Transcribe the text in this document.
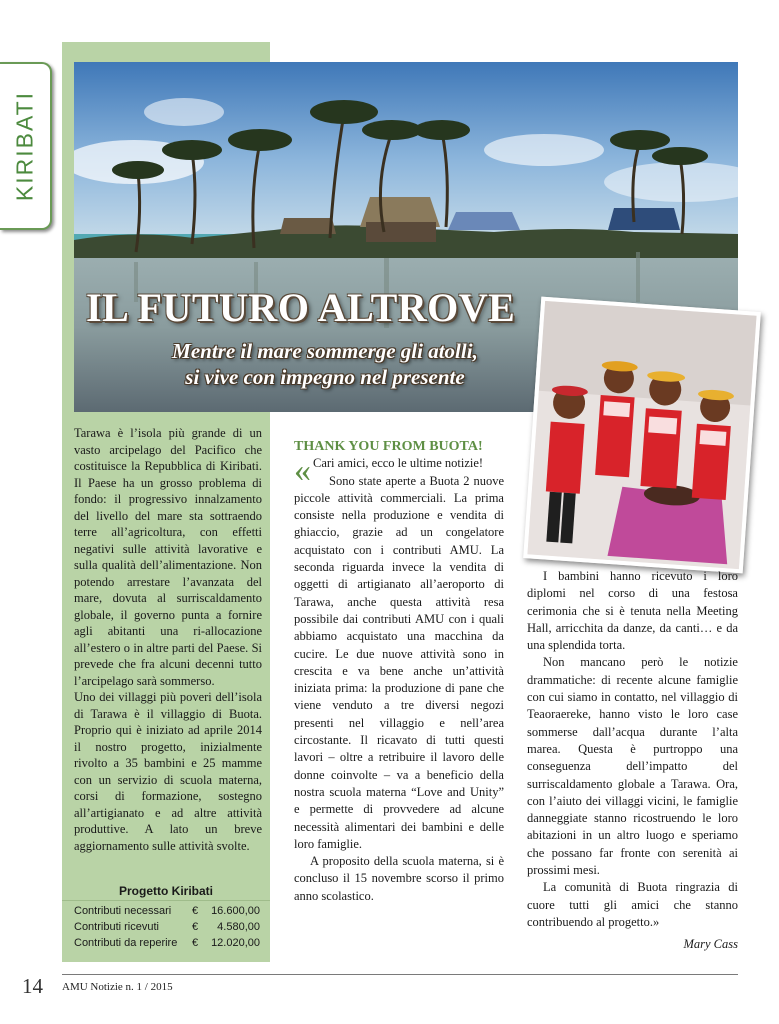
KIRIBATI
IL FUTURO ALTROVE
Mentre il mare sommerge gli atolli,
si vive con impegno nel presente

Tarawa è l’isola più grande di un vasto arcipelago del Pacifico che costituisce la Repubblica di Kiribati. Il Paese ha un grosso problema di fondo: il progressivo innalzamento del livello del mare sta sottraendo terre all’agricoltura, con effetti negativi sulle attività lavorative e sulla qualità dell’alimentazione. Non potendo arrestare l’avanzata del mare, dovuta al surriscaldamento globale, il governo punta a fornire agli abitanti una ri-allocazione all’estero o in altre parti del Paese. Si prevede che fra alcuni decenni tutto l’arcipelago sarà sommerso.

Uno dei villaggi più poveri dell’isola di Tarawa è il villaggio di Buota. Proprio qui è iniziato ad aprile 2014 il nostro progetto, inizialmente rivolto a 35 bambini e 25 mamme con un servizio di scuola materna, corsi di formazione, sostegno all’artigianato e ad altre attività produttive. A lato un breve aggiornamento sulle attività svolte.

Progetto Kiribati
Contributi necessari	€	16.600,00
Contributi ricevuti	€	4.580,00
Contributi da reperire	€	12.020,00

THANK YOU FROM BUOTA!

« Cari amici, ecco le ultime notizie!

Sono state aperte a Buota 2 nuove piccole attività commerciali. La prima consiste nella produzione e vendita di ghiaccio, grazie ad un congelatore acquistato con i contributi AMU. La seconda riguarda invece la vendita di oggetti di artigianato all’aeroporto di Tarawa, anche questa attività resa possibile dai contributi AMU con i quali abbiamo acquistato una macchina da cucire. Le due nuove attività sono in crescita e va bene anche un’attività iniziata prima: la produzione di pane che viene venduto a tre diversi negozi presenti nel villaggio e nell’area circostante. Il ricavato di tutti questi lavori – oltre a retribuire il lavoro delle donne coinvolte – va a beneficio della nostra scuola materna “Love and Unity” e permette di provvedere ad alcune necessità alimentari dei bambini e delle loro famiglie.

A proposito della scuola materna, si è concluso il 15 novembre scorso il primo anno scolastico.

I bambini hanno ricevuto i loro diplomi nel corso di una festosa cerimonia che si è tenuta nella Meeting Hall, arricchita da danze, da canti… e da una splendida torta.

Non mancano però le notizie drammatiche: di recente alcune famiglie con cui siamo in contatto, nel villaggio di Teaoraereke, hanno visto le loro case sommerse dall’acqua durante l’alta marea. Questa è purtroppo una conseguenza dell’impatto del surriscaldamento globale a Tarawa. Ora, con l’aiuto dei villaggi vicini, le famiglie danneggiate stanno ricostruendo le loro abitazioni in un altro luogo e speriamo che possano far fronte con serenità ai prossimi mesi.

La comunità di Buota ringrazia di cuore tutti gli amici che stanno contribuendo al progetto.»

Mary Cass

14 AMU Notizie n. 1 / 2015
